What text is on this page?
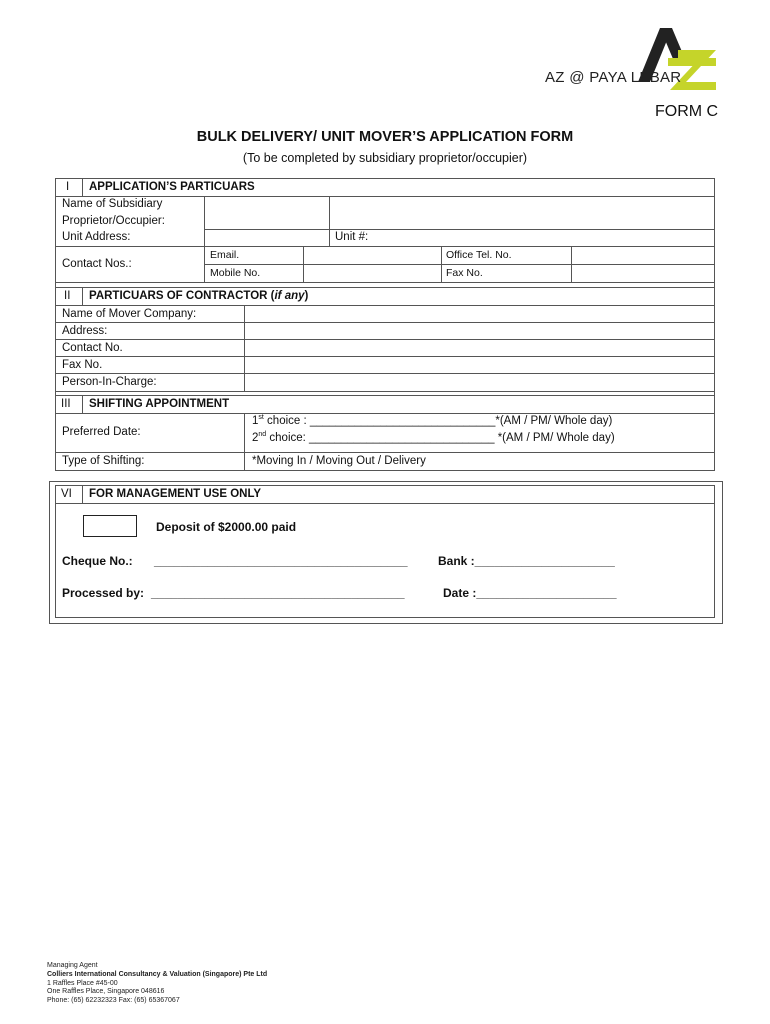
AZ @ PAYA LEBAR
FORM C
BULK DELIVERY/ UNIT MOVER’S APPLICATION FORM
(To be completed by subsidiary proprietor/occupier)
I APPLICATION’S PARTICUARS
Name of Subsidiary
Proprietor/Occupier:
Unit Address:	Unit #:
Contact Nos.:
Email.	Office Tel. No.
Mobile No.	Fax No.
II PARTICUARS OF CONTRACTOR (if any)
Name of Mover Company:
Address:
Contact No.
Fax No.
Person-In-Charge:
III SHIFTING APPOINTMENT
Preferred Date:
1st choice : _____________________________*(AM / PM/ Whole day)
2nd choice: _____________________________ *(AM / PM/ Whole day)
Type of Shifting:	*Moving In / Moving Out / Delivery
VI FOR MANAGEMENT USE ONLY
Deposit of $2000.00 paid
Cheque No.: ______________________________________	Bank :_____________________
Processed by: ______________________________________	Date :_____________________
Managing Agent
Colliers International Consultancy & Valuation (Singapore) Pte Ltd
1 Raffles Place #45-00
One Raffles Place, Singapore 048616
Phone: (65) 62232323 Fax: (65) 65367067
